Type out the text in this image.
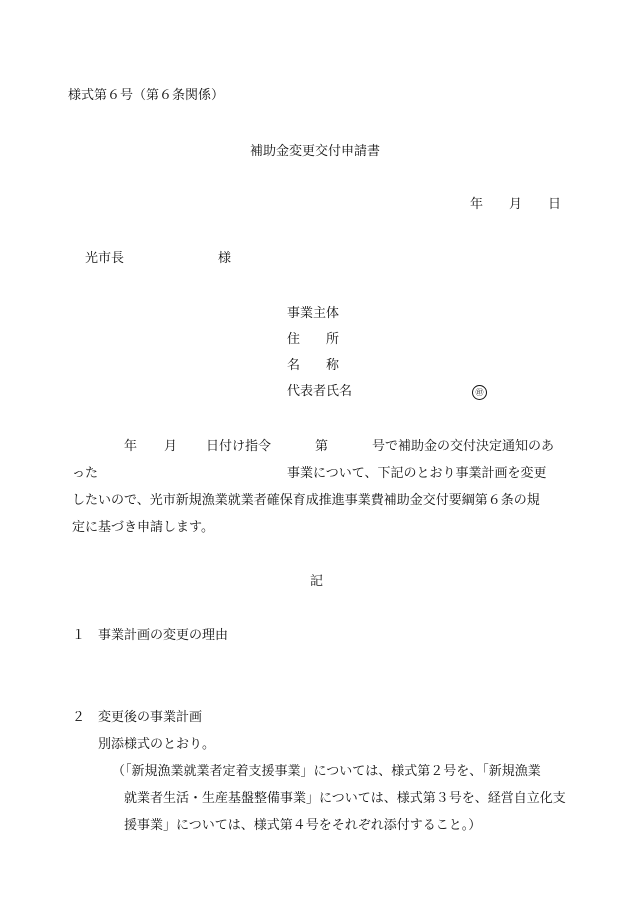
様式第６号（第６条関係）
補助金変更交付申請書
年 月 日
光市長	様
事業主体
住　　所
名　　称
代表者氏名	㊞
年 月 日付け指令	第	号で補助金の交付決定通知のあ
った	事業について、下記のとおり事業計画を変更
したいので、光市新規漁業就業者確保育成推進事業費補助金交付要綱第６条の規
定に基づき申請します。
記
１ 事業計画の変更の理由
２ 変更後の事業計画
別添様式のとおり。
（「新規漁業就業者定着支援事業」については、様式第２号を、「新規漁業
就業者生活・生産基盤整備事業」については、様式第３号を、経営自立化支
援事業」については、様式第４号をそれぞれ添付すること。）
